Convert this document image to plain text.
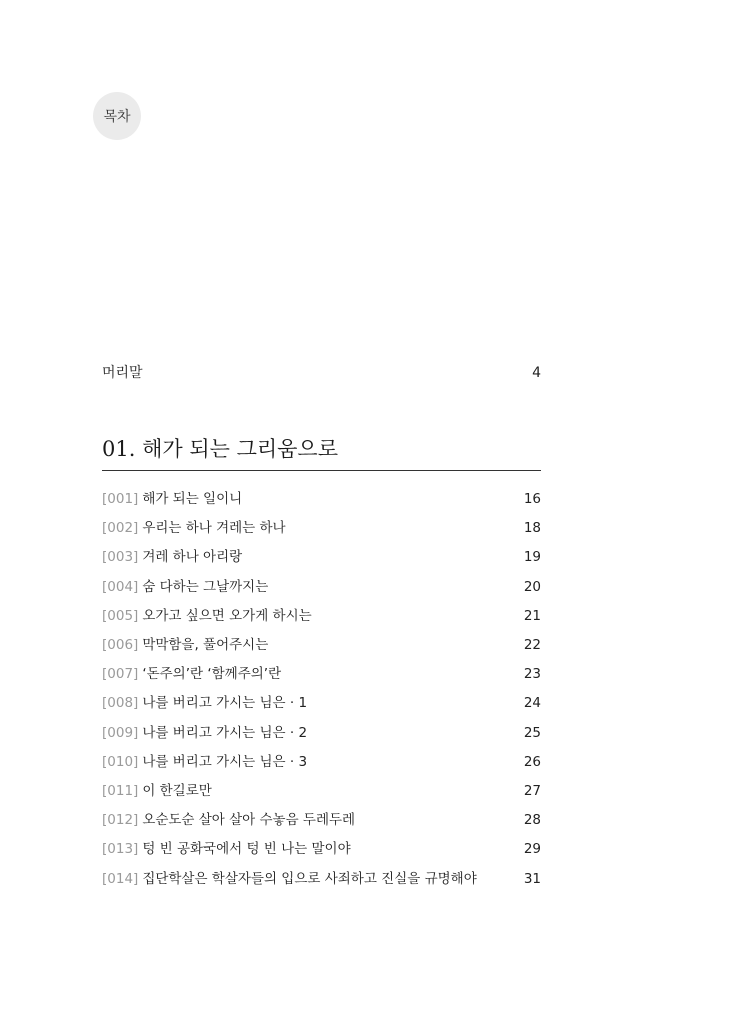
목차
머리말	4
01. 해가 되는 그리움으로
[001] 해가 되는 일이니	16
[002] 우리는 하나 겨레는 하나	18
[003] 겨레 하나 아리랑	19
[004] 숨 다하는 그날까지는	20
[005] 오가고 싶으면 오가게 하시는	21
[006] 막막함을, 풀어주시는	22
[007] ‘돈주의’란 ‘함께주의’란	23
[008] 나를 버리고 가시는 님은 · 1	24
[009] 나를 버리고 가시는 님은 · 2	25
[010] 나를 버리고 가시는 님은 · 3	26
[011] 이 한길로만	27
[012] 오순도순 살아 살아 수놓음 두레두레	28
[013] 텅 빈 공화국에서 텅 빈 나는 말이야	29
[014] 집단학살은 학살자들의 입으로 사죄하고 진실을 규명해야	31
